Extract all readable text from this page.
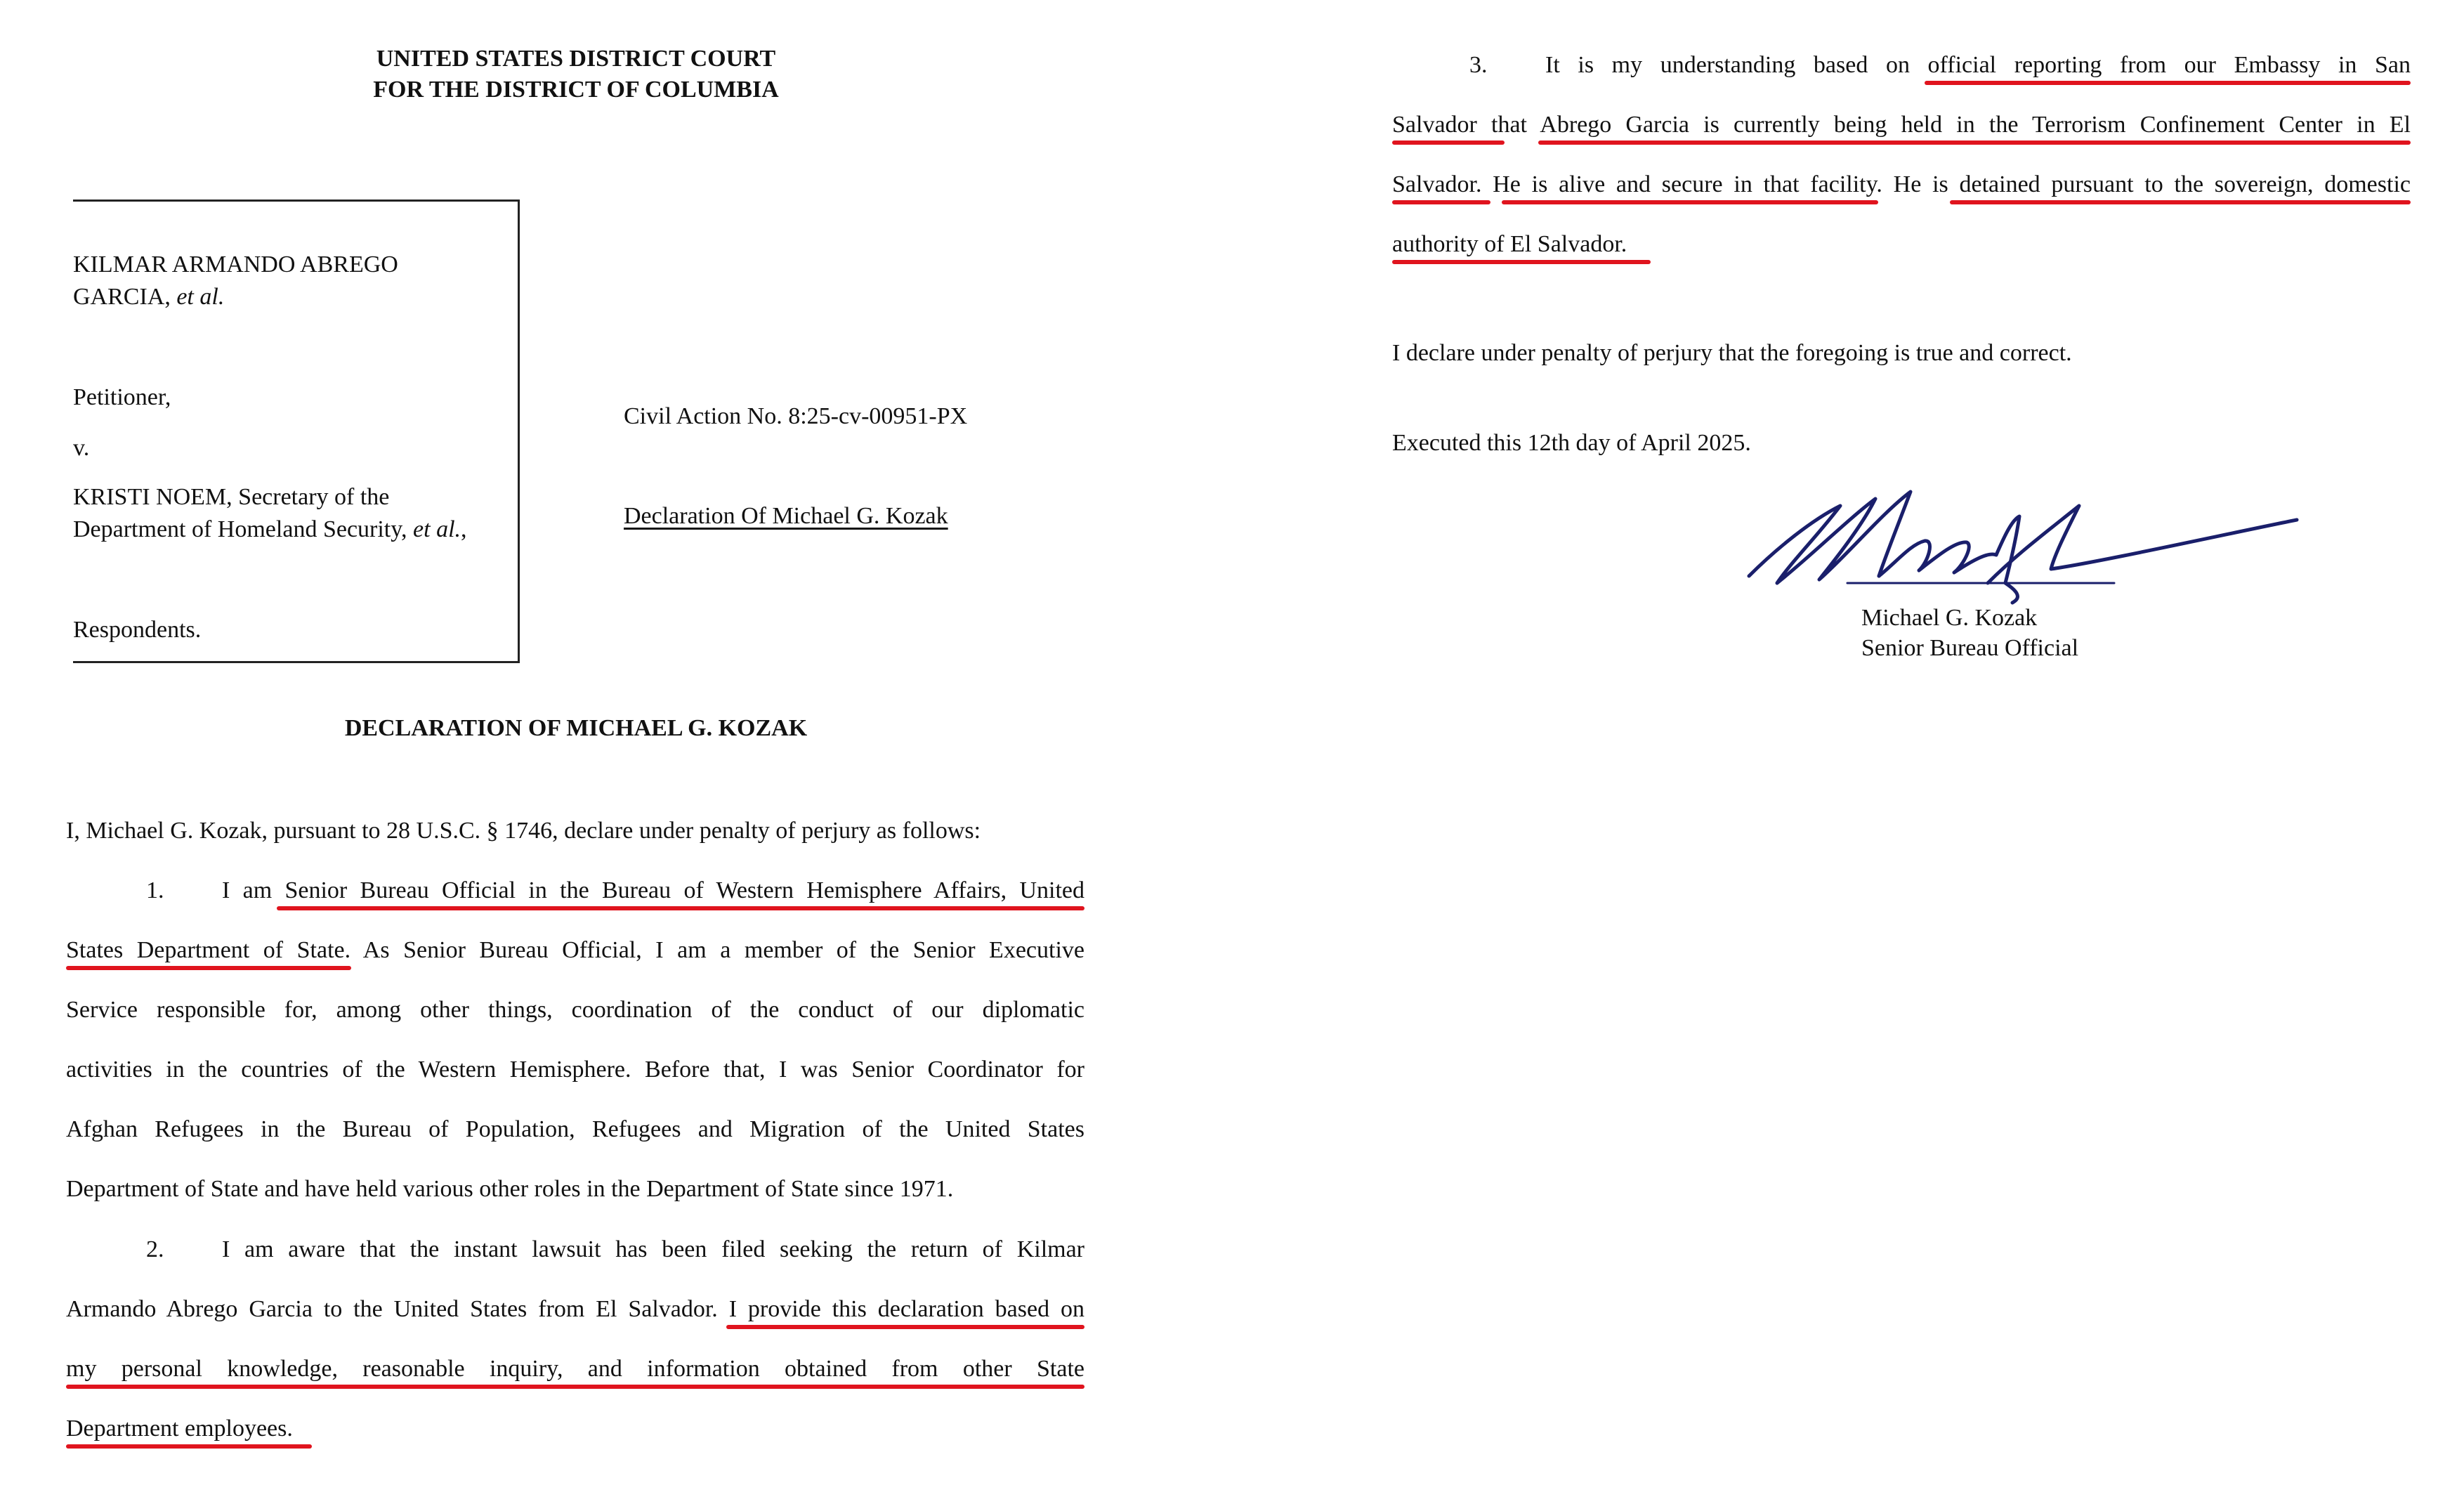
UNITED STATES DISTRICT COURT
FOR THE DISTRICT OF COLUMBIA
KILMAR ARMANDO ABREGO
GARCIA, et al.
Petitioner,
v.
KRISTI NOEM, Secretary of the
Department of Homeland Security, et al.,
Respondents.
Civil Action No. 8:25-cv-00951-PX
Declaration Of Michael G. Kozak
DECLARATION OF MICHAEL G. KOZAK
I, Michael G. Kozak, pursuant to 28 U.S.C. § 1746, declare under penalty of perjury as follows:
1. I am Senior Bureau Official in the Bureau of Western Hemisphere Affairs, United
States Department of State. As Senior Bureau Official, I am a member of the Senior Executive
Service responsible for, among other things, coordination of the conduct of our diplomatic
activities in the countries of the Western Hemisphere. Before that, I was Senior Coordinator for
Afghan Refugees in the Bureau of Population, Refugees and Migration of the United States
Department of State and have held various other roles in the Department of State since 1971.
2. I am aware that the instant lawsuit has been filed seeking the return of Kilmar
Armando Abrego Garcia to the United States from El Salvador. I provide this declaration based on
my personal knowledge, reasonable inquiry, and information obtained from other State
Department employees.
3. It is my understanding based on official reporting from our Embassy in San
Salvador that Abrego Garcia is currently being held in the Terrorism Confinement Center in El
Salvador. He is alive and secure in that facility. He is detained pursuant to the sovereign, domestic
authority of El Salvador.
I declare under penalty of perjury that the foregoing is true and correct.
Executed this 12th day of April 2025.
Michael G. Kozak
Senior Bureau Official
